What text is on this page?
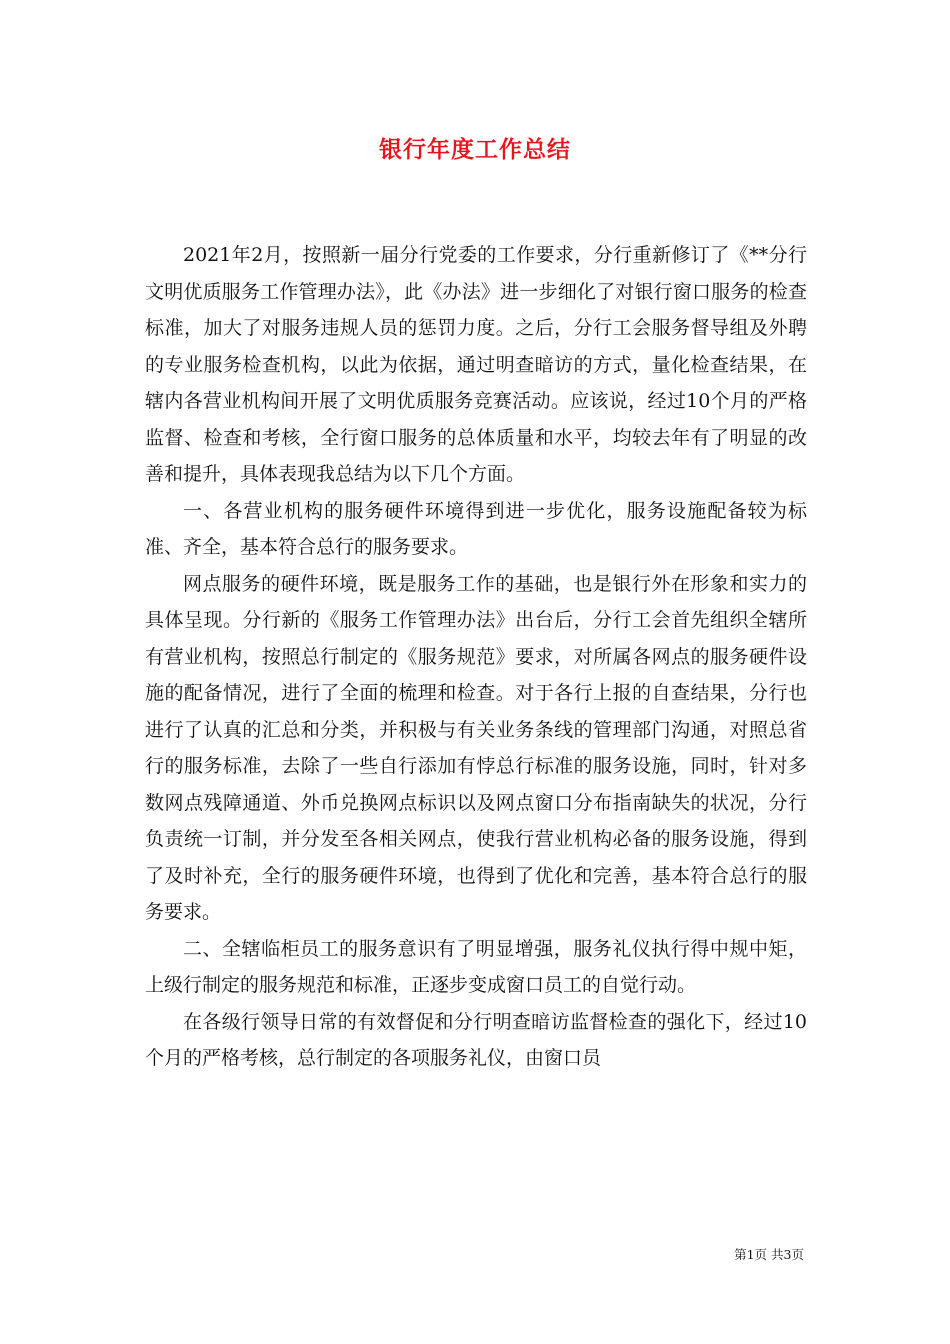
银行年度工作总结

2021年2月，按照新一届分行党委的工作要求，分行重新修订了《**分行文明优质服务工作管理办法》，此《办法》进一步细化了对银行窗口服务的检查标准，加大了对服务违规人员的惩罚力度。之后，分行工会服务督导组及外聘的专业服务检查机构，以此为依据，通过明查暗访的方式，量化检查结果，在辖内各营业机构间开展了文明优质服务竞赛活动。应该说，经过10个月的严格监督、检查和考核，全行窗口服务的总体质量和水平，均较去年有了明显的改善和提升，具体表现我总结为以下几个方面。

一、各营业机构的服务硬件环境得到进一步优化，服务设施配备较为标准、齐全，基本符合总行的服务要求。

网点服务的硬件环境，既是服务工作的基础，也是银行外在形象和实力的具体呈现。分行新的《服务工作管理办法》出台后，分行工会首先组织全辖所有营业机构，按照总行制定的《服务规范》要求，对所属各网点的服务硬件设施的配备情况，进行了全面的梳理和检查。对于各行上报的自查结果，分行也进行了认真的汇总和分类，并积极与有关业务条线的管理部门沟通，对照总省行的服务标准，去除了一些自行添加有悖总行标准的服务设施，同时，针对多数网点残障通道、外币兑换网点标识以及网点窗口分布指南缺失的状况，分行负责统一订制，并分发至各相关网点，使我行营业机构必备的服务设施，得到了及时补充，全行的服务硬件环境，也得到了优化和完善，基本符合总行的服务要求。

二、全辖临柜员工的服务意识有了明显增强，服务礼仪执行得中规中矩，上级行制定的服务规范和标准，正逐步变成窗口员工的自觉行动。

在各级行领导日常的有效督促和分行明查暗访监督检查的强化下，经过10个月的严格考核，总行制定的各项服务礼仪，由窗口员

第1页 共3页
